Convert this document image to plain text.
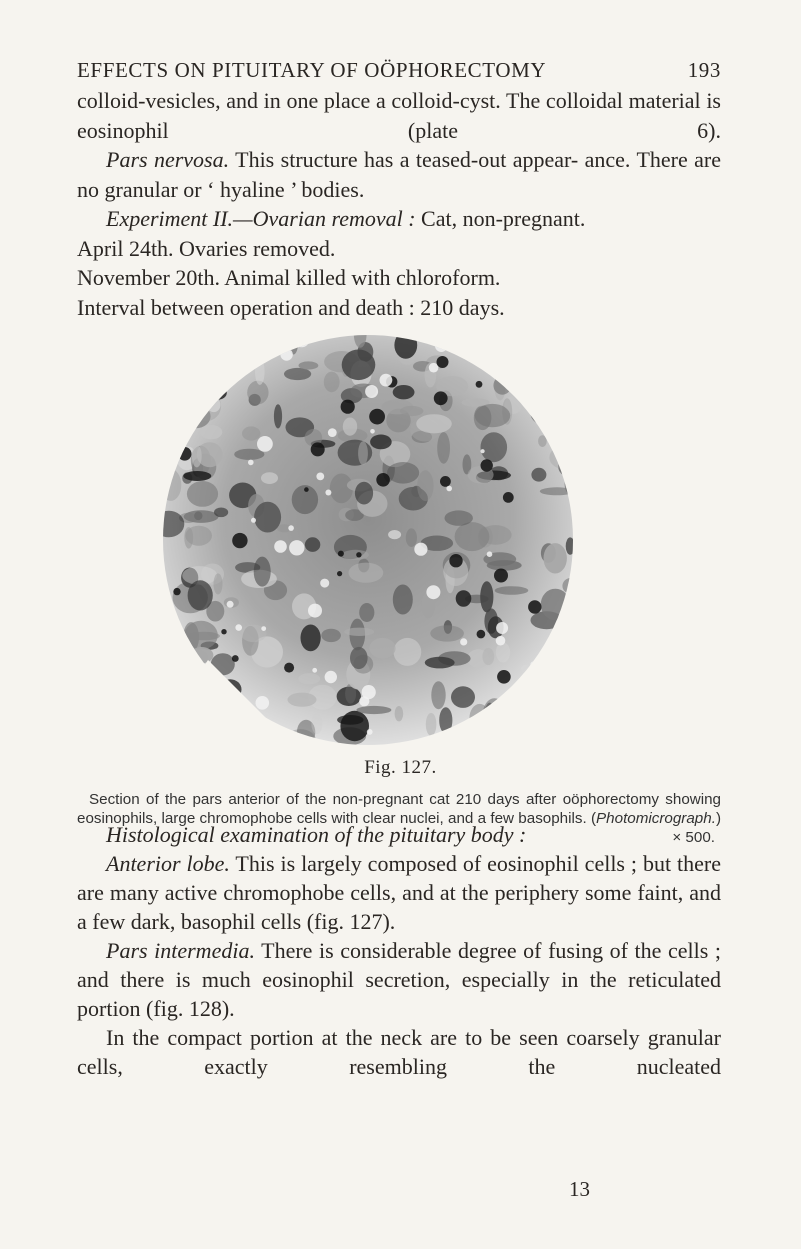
EFFECTS ON PITUITARY OF OÖPHORECTOMY	193

colloid-vesicles, and in one place a colloid-cyst. The colloidal material is eosinophil (plate 6).

Pars nervosa. This structure has a teased-out appear- ance. There are no granular or ‘ hyaline ’ bodies.

Experiment II.—Ovarian removal : Cat, non-pregnant.

April 24th. Ovaries removed.

November 20th. Animal killed with chloroform.

Interval between operation and death : 210 days.

Fig. 127.

Section of the pars anterior of the non-pregnant cat 210 days after oöphorectomy showing eosinophils, large chromophobe cells with clear nuclei, and a few basophils. (Photomicrograph.)

× 500.

Histological examination of the pituitary body :

Anterior lobe. This is largely composed of eosinophil cells ; but there are many active chromophobe cells, and at the periphery some faint, and a few dark, basophil cells (fig. 127).

Pars intermedia. There is considerable degree of fusing of the cells ; and there is much eosinophil secretion, especially in the reticulated portion (fig. 128).

In the compact portion at the neck are to be seen coarsely granular cells, exactly resembling the nucleated

13
